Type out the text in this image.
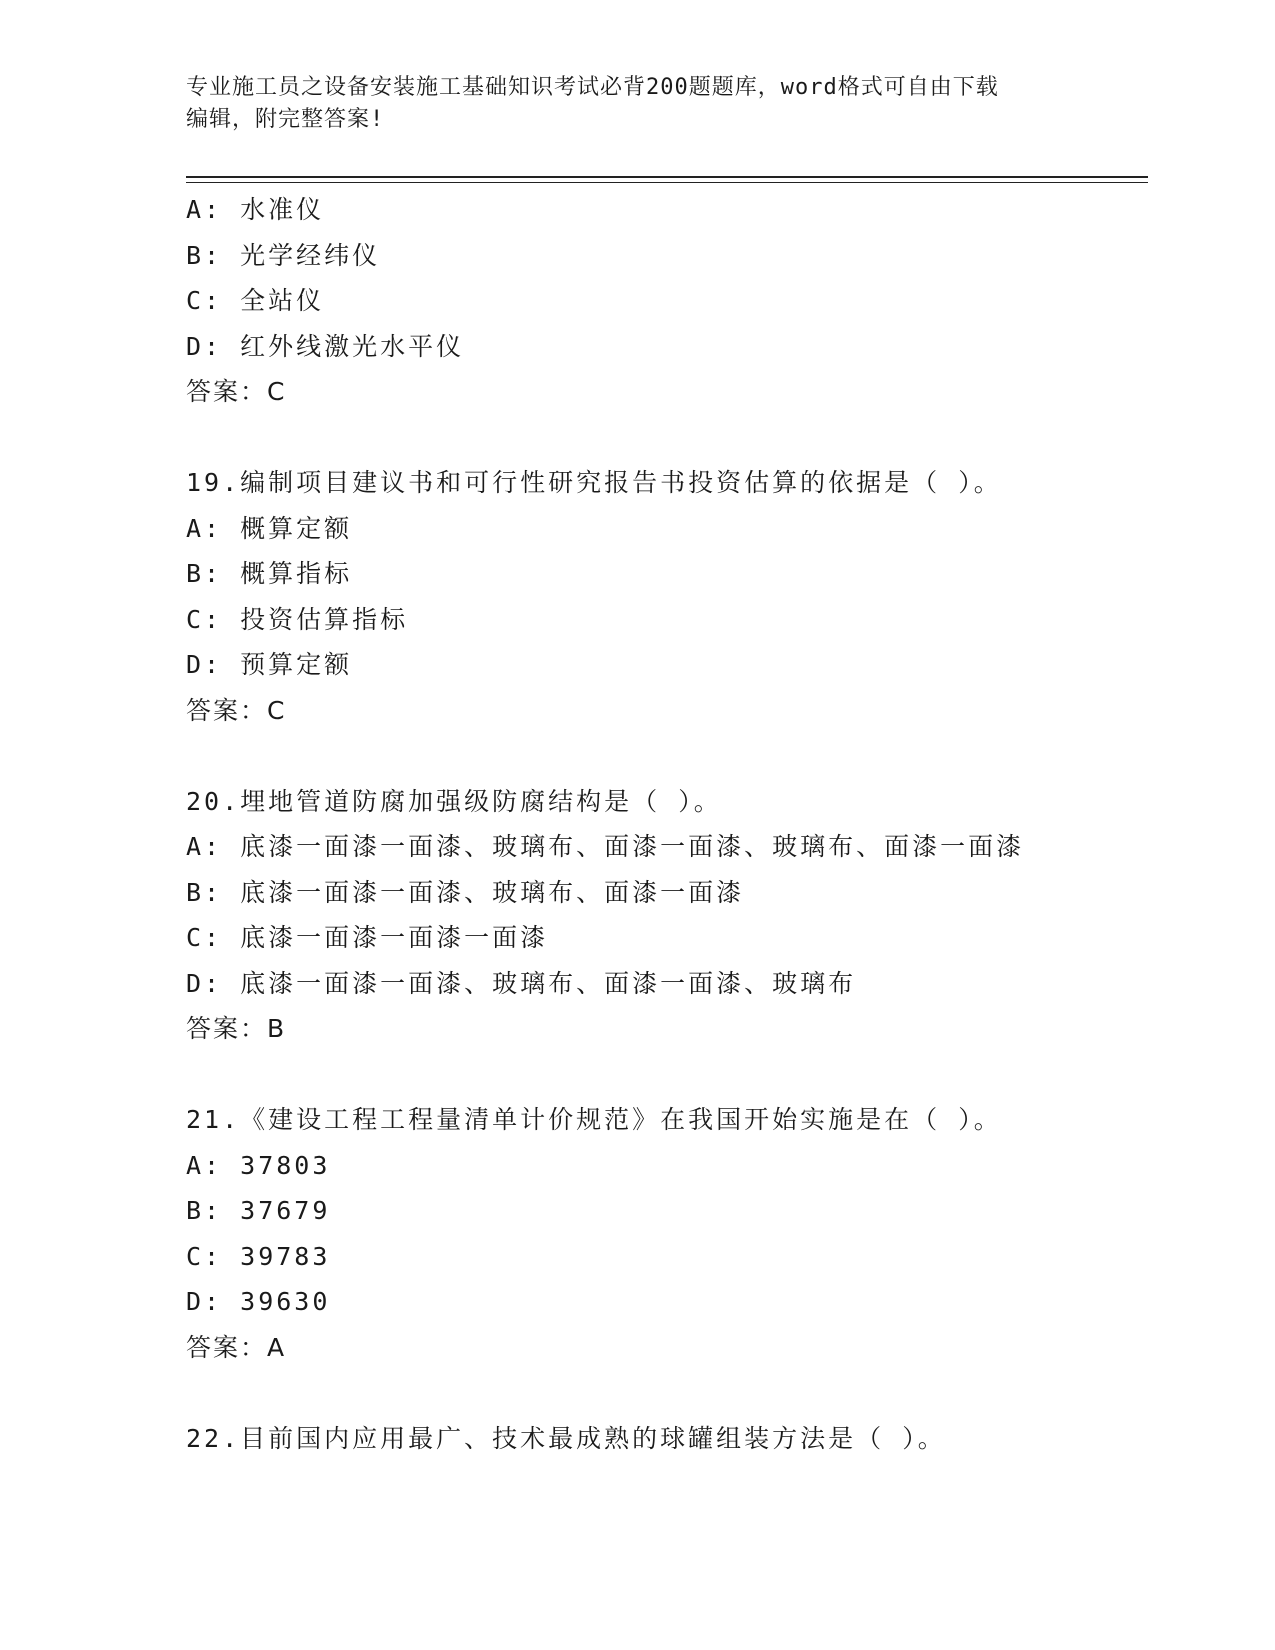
专业施工员之设备安装施工基础知识考试必背200题题库，word格式可自由下载
编辑，附完整答案!
A: 水准仪
B: 光学经纬仪
C: 全站仪
D: 红外线激光水平仪
答案：C
19.编制项目建议书和可行性研究报告书投资估算的依据是（ ）。
A: 概算定额
B: 概算指标
C: 投资估算指标
D: 预算定额
答案：C
20.埋地管道防腐加强级防腐结构是（ ）。
A: 底漆一面漆一面漆、玻璃布、面漆一面漆、玻璃布、面漆一面漆
B: 底漆一面漆一面漆、玻璃布、面漆一面漆
C: 底漆一面漆一面漆一面漆
D: 底漆一面漆一面漆、玻璃布、面漆一面漆、玻璃布
答案：B
21.《建设工程工程量清单计价规范》在我国开始实施是在（ ）。
A: 37803
B: 37679
C: 39783
D: 39630
答案：A
22.目前国内应用最广、技术最成熟的球罐组装方法是（ ）。
